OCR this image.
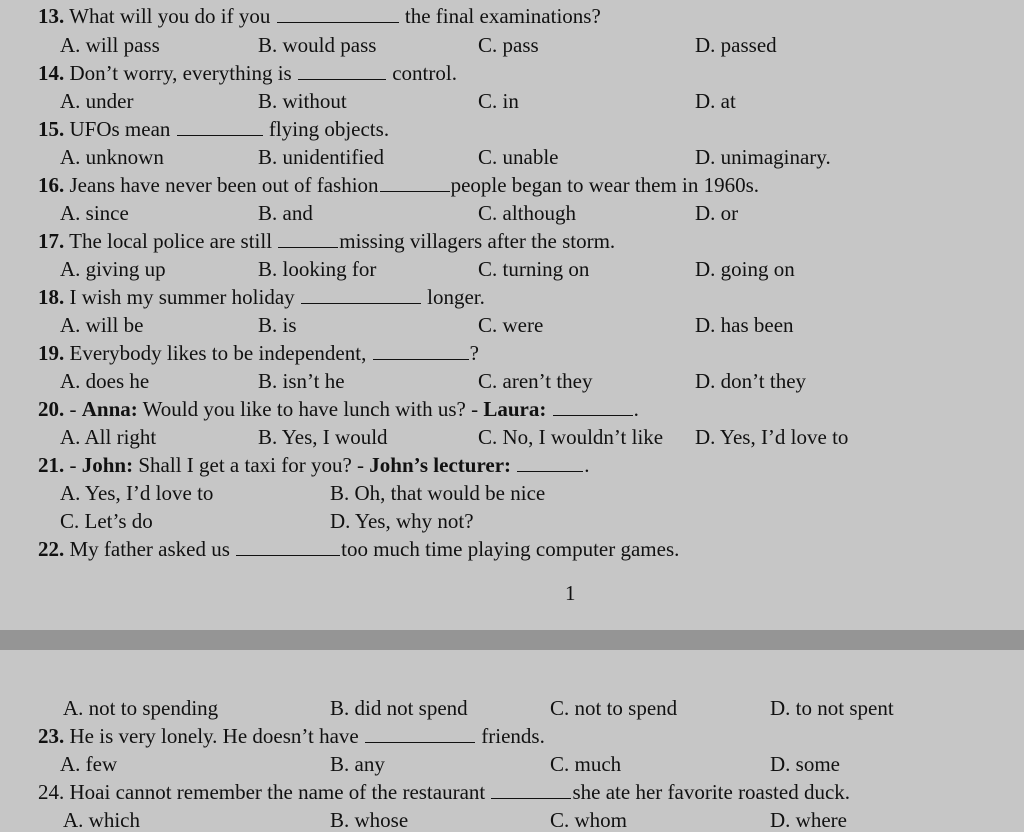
13. What will you do if you	the final examinations?
A. will pass	B. would pass	C. pass	D. passed
14. Don’t worry, everything is	control.
A. under	B. without	C. in	D. at
15. UFOs mean	flying objects.
A. unknown	B. unidentified	C. unable	D. unimaginary.
16. Jeans have never been out of fashion	people began to wear them in 1960s.
A. since	B. and	C. although	D. or
17. The local police are still	missing villagers after the storm.
A. giving up	B. looking for	C. turning on	D. going on
18. I wish my summer holiday	longer.
A. will be	B. is	C. were	D. has been
19. Everybody likes to be independent,	?
A. does he	B. isn’t he	C. aren’t they	D. don’t they
20. - Anna: Would you like to have lunch with us? - Laura:	.
A. All right	B. Yes, I would	C. No, I wouldn’t like D. Yes, I’d love to
21. - John: Shall I get a taxi for you? - John’s lecturer:	.
A. Yes, I’d love to	B. Oh, that would be nice
C. Let’s do	D. Yes, why not?
22. My father asked us	too much time playing computer games.
1
A. not to spending	B. did not spend	C. not to spend	D. to not spent
23. He is very lonely. He doesn’t have	friends.
A. few	B. any	C. much	D. some
24. Hoai cannot remember the name of the restaurant	she ate her favorite roasted duck.
A. which	B. whose	C. whom	D. where
